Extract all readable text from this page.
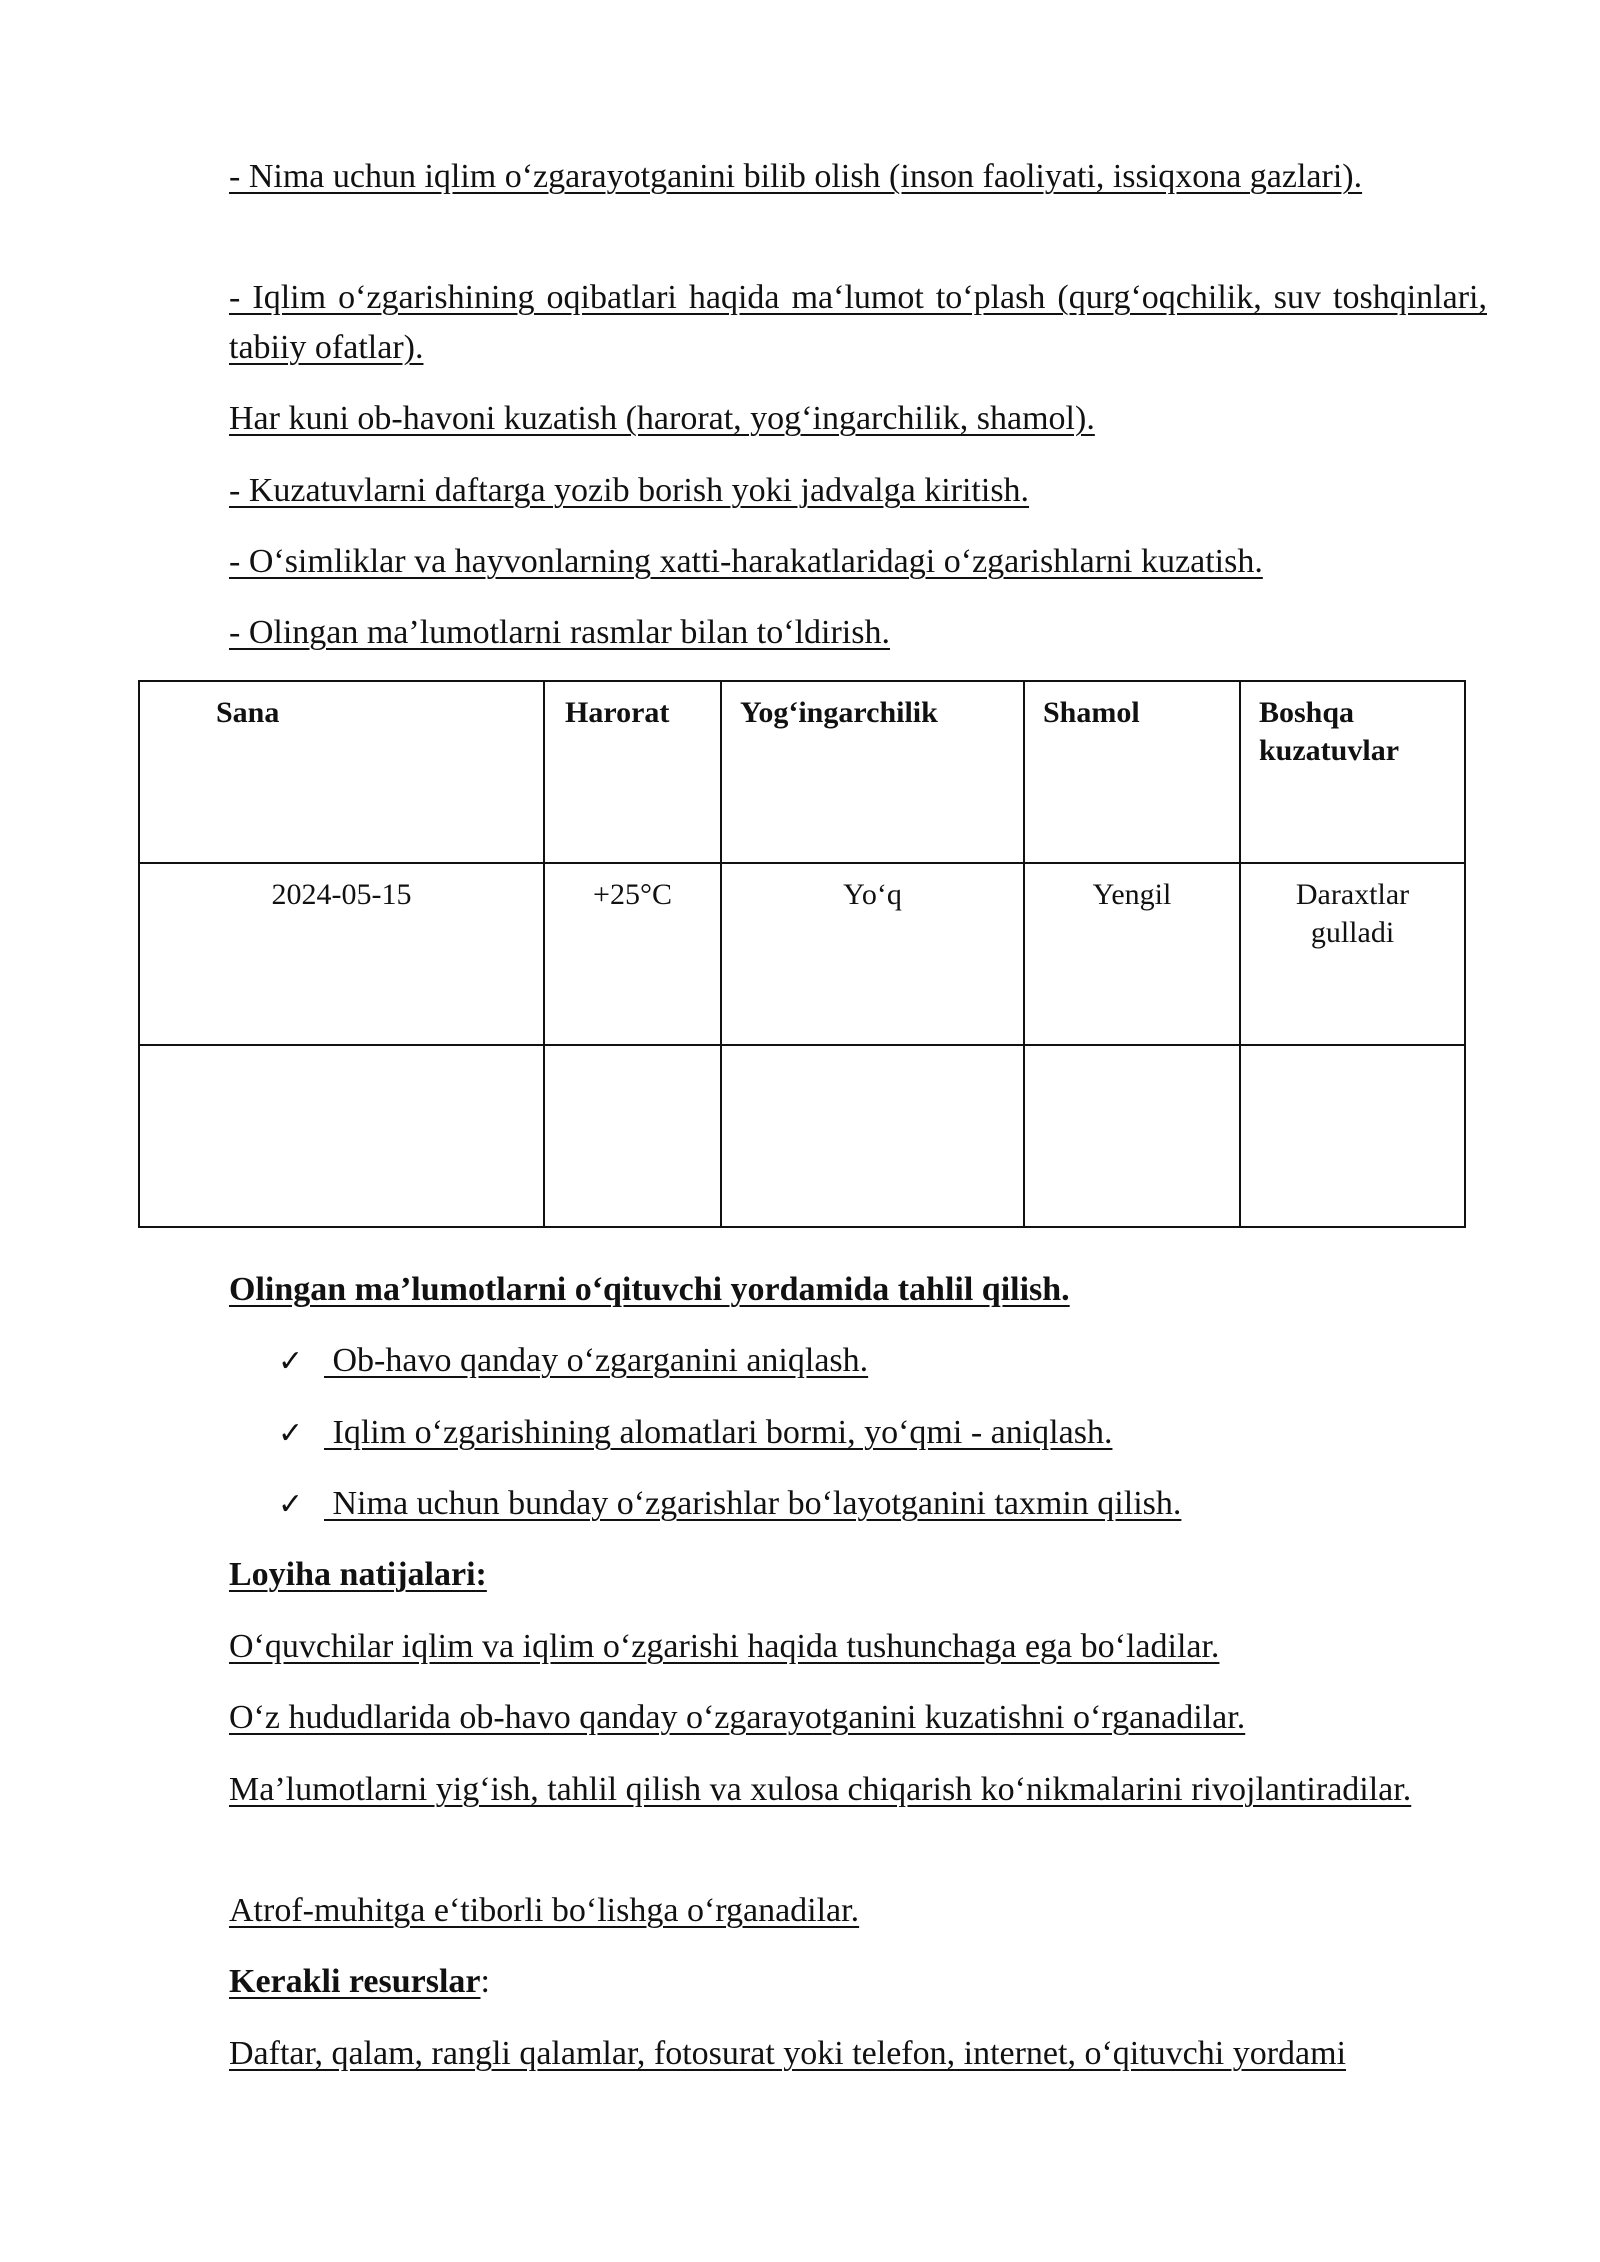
- Nima uchun iqlim oʻzgarayotganini bilib olish (inson faoliyati, issiqxona gazlari).

- Iqlim oʻzgarishining oqibatlari haqida maʻlumot toʻplash (qurgʻoqchilik, suv toshqinlari, tabiiy ofatlar).

Har kuni ob-havoni kuzatish (harorat, yogʻingarchilik, shamol).

- Kuzatuvlarni daftarga yozib borish yoki jadvalga kiritish.

- Oʻsimliklar va hayvonlarning xatti-harakatlaridagi oʻzgarishlarni kuzatish.

- Olingan ma’lumotlarni rasmlar bilan toʻldirish.

Sana	Harorat	Yogʻingarchilik	Shamol	Boshqa kuzatuvlar
2024-05-15	+25°C	Yoʻq	Yengil	Daraxtlar gulladi

Olingan ma’lumotlarni oʻqituvchi yordamida tahlil qilish.

✓ Ob-havo qanday oʻzgarganini aniqlash.
✓ Iqlim oʻzgarishining alomatlari bormi, yoʻqmi - aniqlash.
✓ Nima uchun bunday oʻzgarishlar boʻlayotganini taxmin qilish.

Loyiha natijalari:

Oʻquvchilar iqlim va iqlim oʻzgarishi haqida tushunchaga ega boʻladilar.

Oʻz hududlarida ob-havo qanday oʻzgarayotganini kuzatishni oʻrganadilar.

Ma’lumotlarni yigʻish, tahlil qilish va xulosa chiqarish koʻnikmalarini rivojlantiradilar.

Atrof-muhitga eʻtiborli boʻlishga oʻrganadilar.

Kerakli resurslar:

Daftar, qalam, rangli qalamlar, fotosurat yoki telefon, internet, oʻqituvchi yordami
